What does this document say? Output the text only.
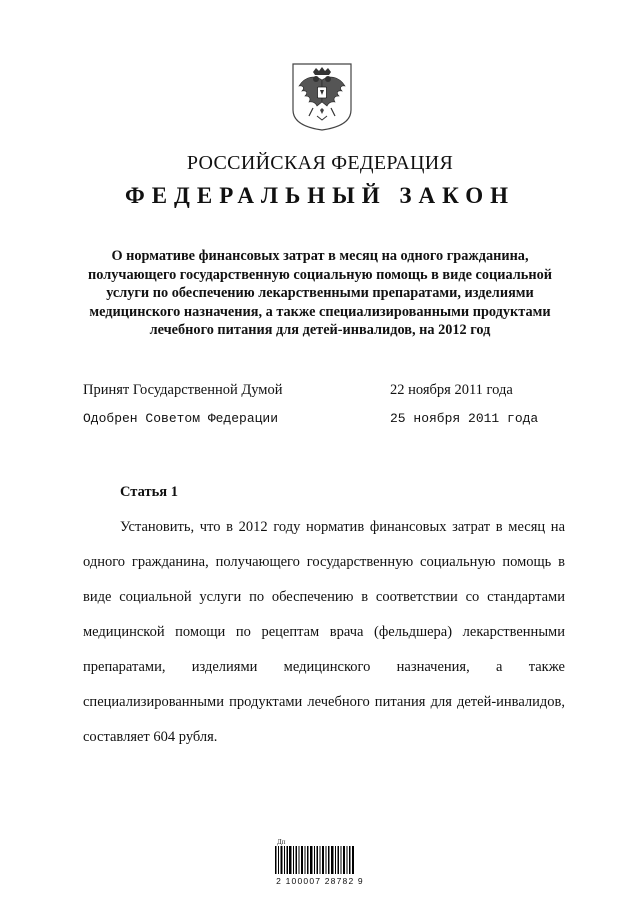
РОССИЙСКАЯ ФЕДЕРАЦИЯ
ФЕДЕРАЛЬНЫЙ ЗАКОН
О нормативе финансовых затрат в месяц на одного гражданина, получающего государственную социальную помощь в виде социальной услуги по обеспечению лекарственными препаратами, изделиями медицинского назначения, а также специализированными продуктами лечебного питания для детей-инвалидов, на 2012 год
Принят Государственной Думой	22 ноября 2011 года
Одобрен Советом Федерации	25 ноября 2011 года
Статья 1

Установить, что в 2012 году норматив финансовых затрат в месяц на одного гражданина, получающего государственную социальную помощь в виде социальной услуги по обеспечению в соответствии со стандартами медицинской помощи по рецептам врача (фельдшера) лекарственными препаратами, изделиями медицинского назначения, а также специализированными продуктами лечебного питания для детей-инвалидов, составляет 604 рубля.

Дп
2 100007 28782 9
